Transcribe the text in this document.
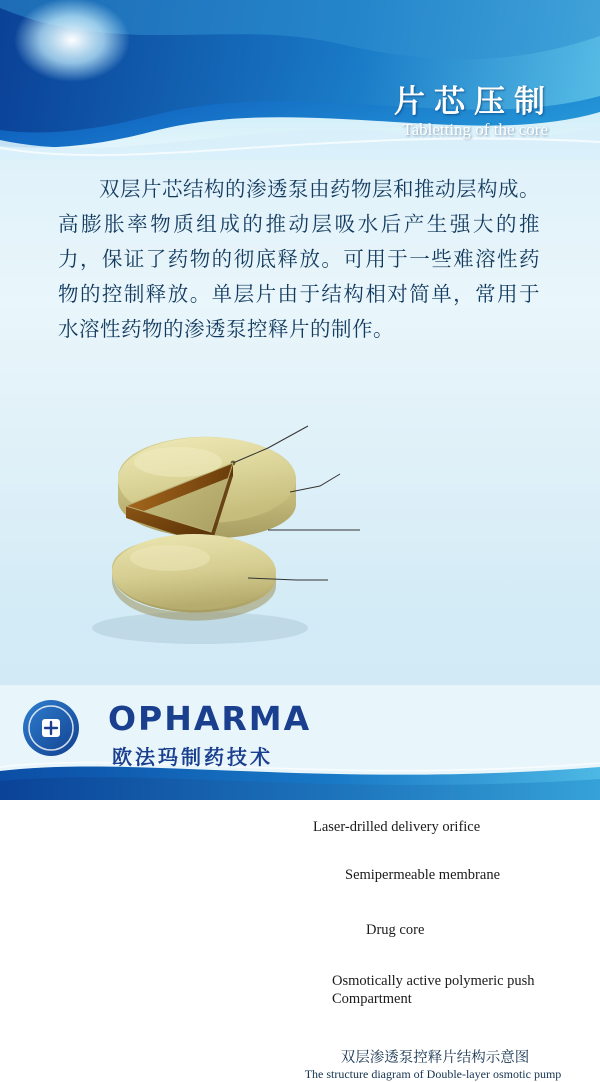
片芯压制
Tabletting of the core
双层片芯结构的渗透泵由药物层和推动层构成。高膨胀率物质组成的推动层吸水后产生强大的推力，保证了药物的彻底释放。可用于一些难溶性药物的控制释放。单层片由于结构相对简单，常用于水溶性药物的渗透泵控释片的制作。
Laser-drilled delivery orifice
Semipermeable membrane
Drug core
Osmotically active polymeric push Compartment
双层渗透泵控释片结构示意图
The structure diagram of Double-layer osmotic pump
OPHARMA
欧法玛制药技术
